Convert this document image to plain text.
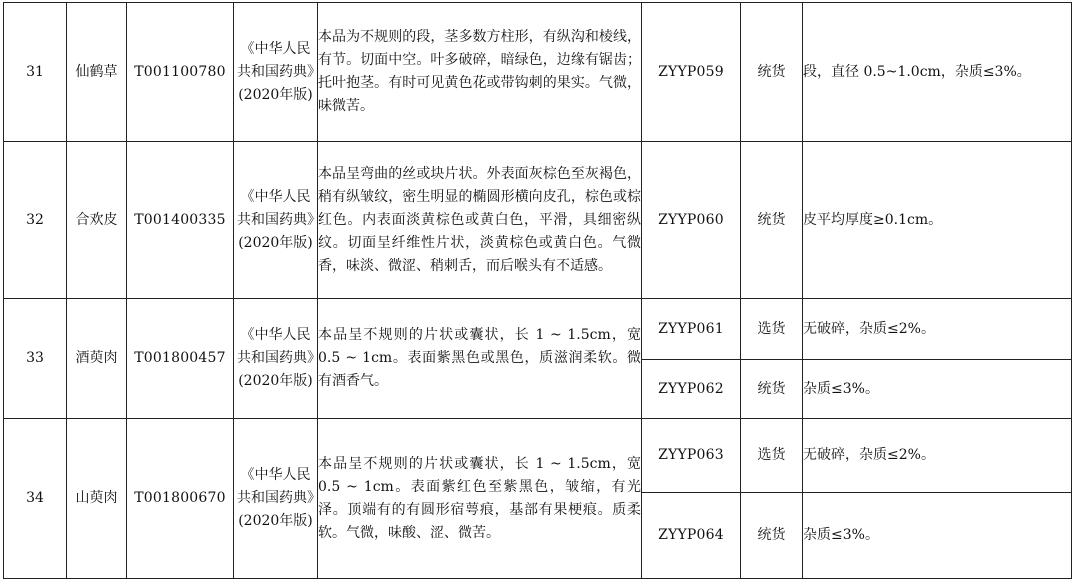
31	仙鹤草	T001100780	《中华人民共和国药典》(2020年版)	本品为不规则的段，茎多数方柱形，有纵沟和棱线，有节。切面中空。叶多破碎，暗绿色，边缘有锯齿；托叶抱茎。有时可见黄色花或带钩刺的果实。气微，味微苦。	ZYYP059	统货	段，直径 0.5~1.0cm，杂质≤3%。
32	合欢皮	T001400335	《中华人民共和国药典》(2020年版)	本品呈弯曲的丝或块片状。外表面灰棕色至灰褐色，稍有纵皱纹，密生明显的椭圆形横向皮孔，棕色或棕红色。内表面淡黄棕色或黄白色，平滑，具细密纵纹。切面呈纤维性片状，淡黄棕色或黄白色。气微香，味淡、微涩、稍刺舌，而后喉头有不适感。	ZYYP060	统货	皮平均厚度≥0.1cm。
33	酒萸肉	T001800457	《中华人民共和国药典》(2020年版)	本品呈不规则的片状或囊状，长 1 ~ 1.5cm，宽 0.5 ~ 1cm。表面紫黑色或黑色，质滋润柔软。微有酒香气。	ZYYP061	选货	无破碎，杂质≤2%。
					ZYYP062	统货	杂质≤3%。
34	山萸肉	T001800670	《中华人民共和国药典》(2020年版)	本品呈不规则的片状或囊状，长 1 ~ 1.5cm，宽 0.5 ~ 1cm。表面紫红色至紫黑色，皱缩，有光泽。顶端有的有圆形宿萼痕，基部有果梗痕。质柔软。气微，味酸、涩、微苦。	ZYYP063	选货	无破碎，杂质≤2%。
					ZYYP064	统货	杂质≤3%。
